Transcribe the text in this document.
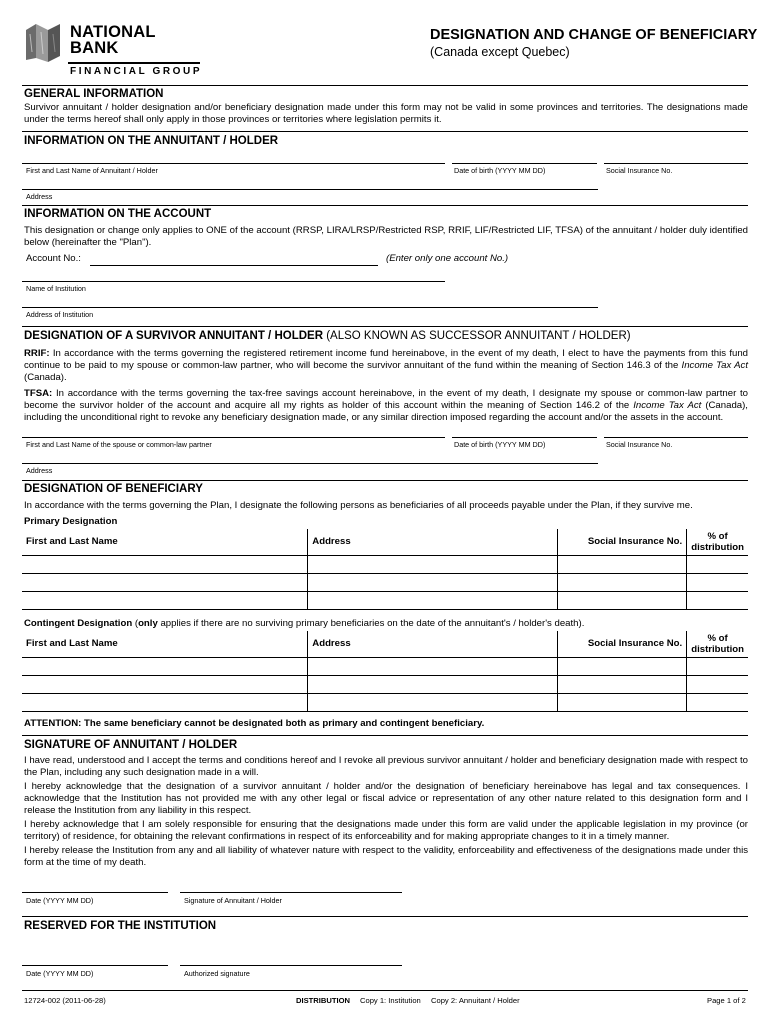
NATIONAL
BANK
FINANCIAL GROUP
DESIGNATION AND CHANGE OF BENEFICIARY
(Canada except Quebec)
GENERAL INFORMATION
Survivor annuitant / holder designation and/or beneficiary designation made under this form may not be valid in some provinces and territories. The designations made under the terms hereof shall only apply in those provinces or territories where legislation permits it.
INFORMATION ON THE ANNUITANT / HOLDER
First and Last Name of Annuitant / Holder	Date of birth (YYYY MM DD)	Social Insurance No.
Address
INFORMATION ON THE ACCOUNT
This designation or change only applies to ONE of the account (RRSP, LIRA/LRSP/Restricted RSP, RRIF, LIF/Restricted LIF, TFSA) of the annuitant / holder duly identified below (hereinafter the "Plan").
Account No.:	(Enter only one account No.)
Name of Institution
Address of Institution
DESIGNATION OF A SURVIVOR ANNUITANT / HOLDER (ALSO KNOWN AS SUCCESSOR ANNUITANT / HOLDER)
RRIF: In accordance with the terms governing the registered retirement income fund hereinabove, in the event of my death, I elect to have the payments from this fund continue to be paid to my spouse or common-law partner, who will become the survivor annuitant of the fund within the meaning of Section 146.3 of the Income Tax Act (Canada).
TFSA: In accordance with the terms governing the tax-free savings account hereinabove, in the event of my death, I designate my spouse or common-law partner to become the survivor holder of the account and acquire all my rights as holder of this account within the meaning of Section 146.2 of the Income Tax Act (Canada), including the unconditional right to revoke any beneficiary designation made, or any similar direction imposed regarding the account and/or the assets in the account.
First and Last Name of the spouse or common-law partner	Date of birth (YYYY MM DD)	Social Insurance No.
Address
DESIGNATION OF BENEFICIARY
In accordance with the terms governing the Plan, I designate the following persons as beneficiaries of all proceeds payable under the Plan, if they survive me.
Primary Designation
First and Last Name	Address	Social Insurance No.	% of
distribution

Contingent Designation (only applies if there are no surviving primary beneficiaries on the date of the annuitant's / holder's death).
First and Last Name	Address	Social Insurance No.	% of
distribution

ATTENTION: The same beneficiary cannot be designated both as primary and contingent beneficiary.
SIGNATURE OF ANNUITANT / HOLDER
I have read, understood and I accept the terms and conditions hereof and I revoke all previous survivor annuitant / holder and beneficiary designation made with respect to the Plan, including any such designation made in a will.
I hereby acknowledge that the designation of a survivor annuitant / holder and/or the designation of beneficiary hereinabove has legal and tax consequences. I acknowledge that the Institution has not provided me with any other legal or fiscal advice or representation of any other nature related to this designation form and I release the Institution from any liability in this respect.
I hereby acknowledge that I am solely responsible for ensuring that the designations made under this form are valid under the applicable legislation in my province (or territory) of residence, for obtaining the relevant confirmations in respect of its enforceability and for making appropriate changes to it in a timely manner.
I hereby release the Institution from any and all liability of whatever nature with respect to the validity, enforceability and effectiveness of the designations made under this form at the time of my death.
Date (YYYY MM DD)	Signature of Annuitant / Holder
RESERVED FOR THE INSTITUTION
Date (YYYY MM DD)	Authorized signature
12724-002 (2011-06-28)	DISTRIBUTION Copy 1: Institution Copy 2: Annuitant / Holder	Page 1 of 2
